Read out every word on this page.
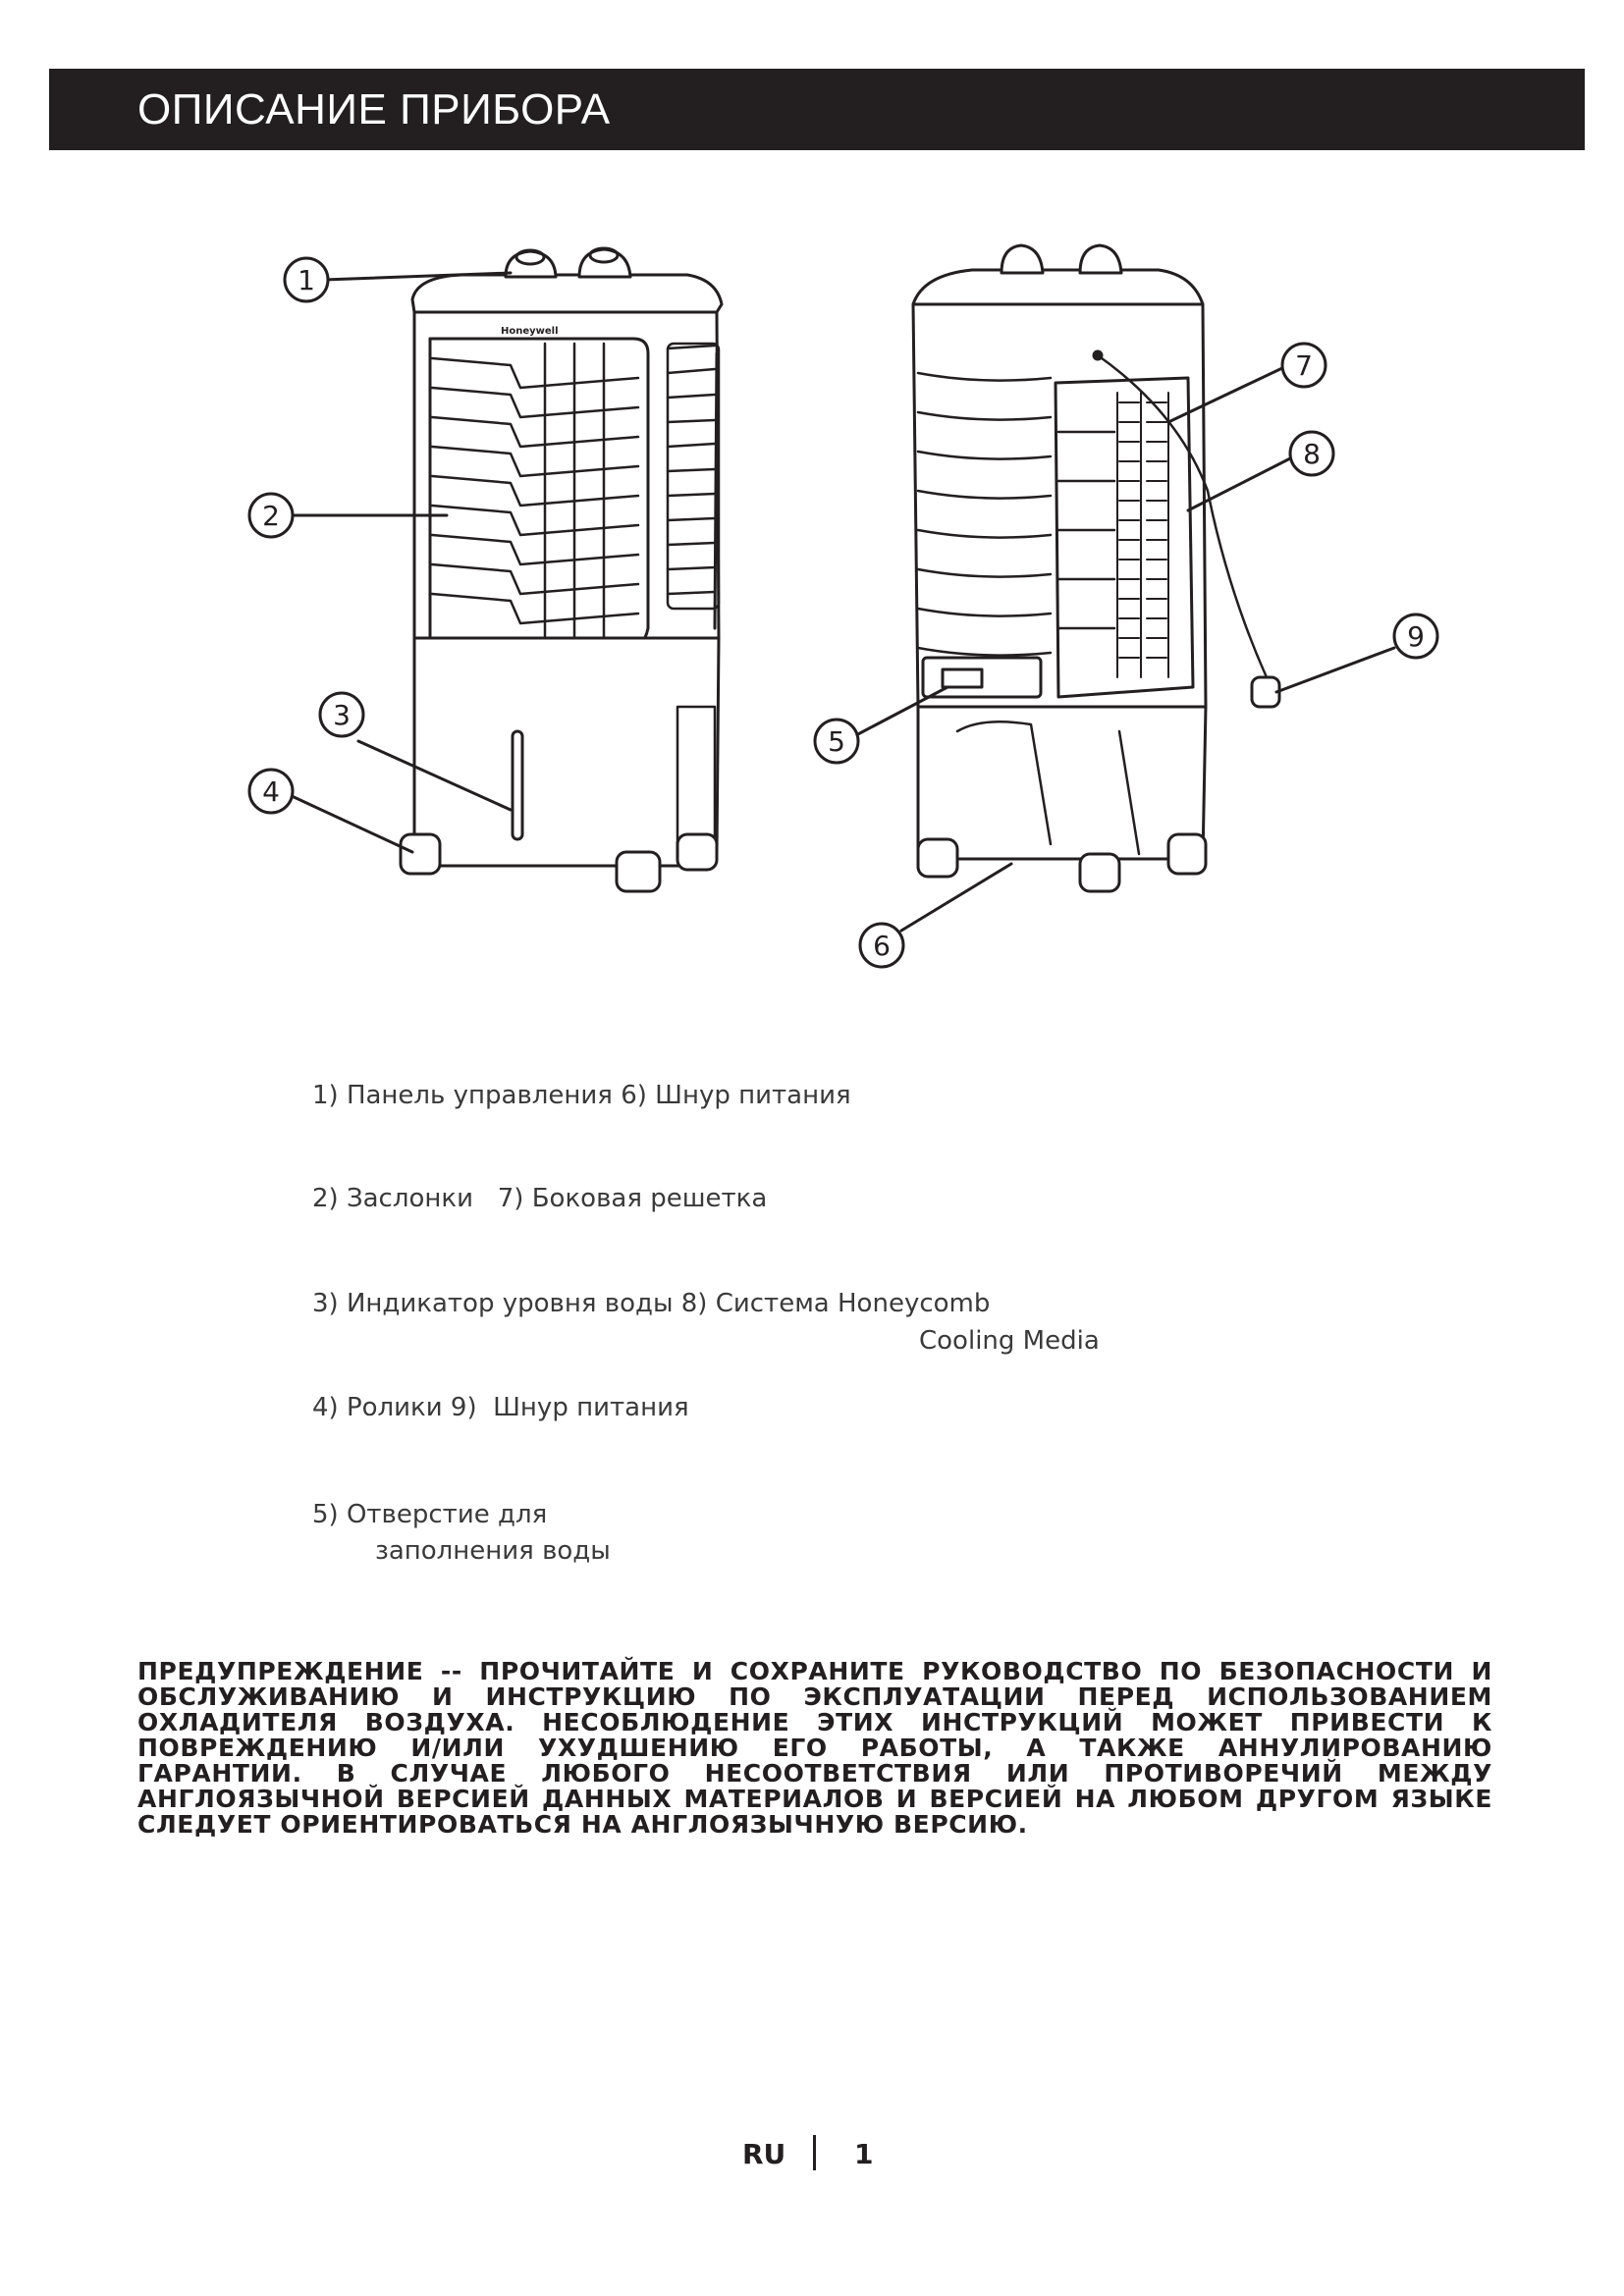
ОПИСАНИЕ ПРИБОРА
Honeywell
1
2
3
4
5
6
7
8
9
1) Панель управления 6) Шнур питания
2) Заслонки   7) Боковая решетка
3) Индикатор уровня воды 8) Система Honeycomb
Cooling Media
4) Ролики 9)  Шнур питания
5) Отверстие для
заполнения воды

ПРЕДУПРЕЖДЕНИЕ -- ПРОЧИТАЙТЕ И СОХРАНИТЕ РУКОВОДСТВО ПО БЕЗОПАСНОСТИ И ОБСЛУЖИВАНИЮ И ИНСТРУКЦИЮ ПО ЭКСПЛУАТАЦИИ ПЕРЕД ИСПОЛЬЗОВАНИЕМ ОХЛАДИТЕЛЯ ВОЗДУХА. НЕСОБЛЮДЕНИЕ ЭТИХ ИНСТРУКЦИЙ МОЖЕТ ПРИВЕСТИ К ПОВРЕЖДЕНИЮ И/ИЛИ УХУДШЕНИЮ ЕГО РАБОТЫ, А ТАКЖЕ АННУЛИРОВАНИЮ ГАРАНТИИ. В СЛУЧАЕ ЛЮБОГО НЕСООТВЕТСТВИЯ ИЛИ ПРОТИВОРЕЧИЙ МЕЖДУ АНГЛОЯЗЫЧНОЙ ВЕРСИЕЙ ДАННЫХ МАТЕРИАЛОВ И ВЕРСИЕЙ НА ЛЮБОМ ДРУГОМ ЯЗЫКЕ СЛЕДУЕТ ОРИЕНТИРОВАТЬСЯ НА АНГЛОЯЗЫЧНУЮ ВЕРСИЮ.

RU 1
